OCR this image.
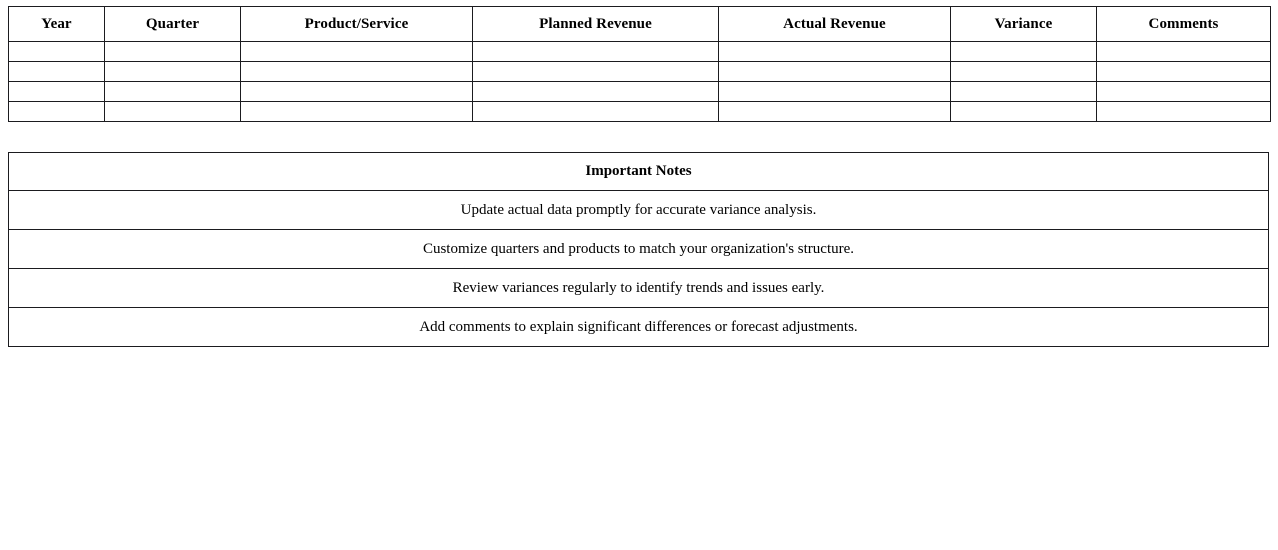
Year	Quarter	Product/Service	Planned Revenue	Actual Revenue	Variance	Comments

Important Notes
Update actual data promptly for accurate variance analysis.
Customize quarters and products to match your organization's structure.
Review variances regularly to identify trends and issues early.
Add comments to explain significant differences or forecast adjustments.
